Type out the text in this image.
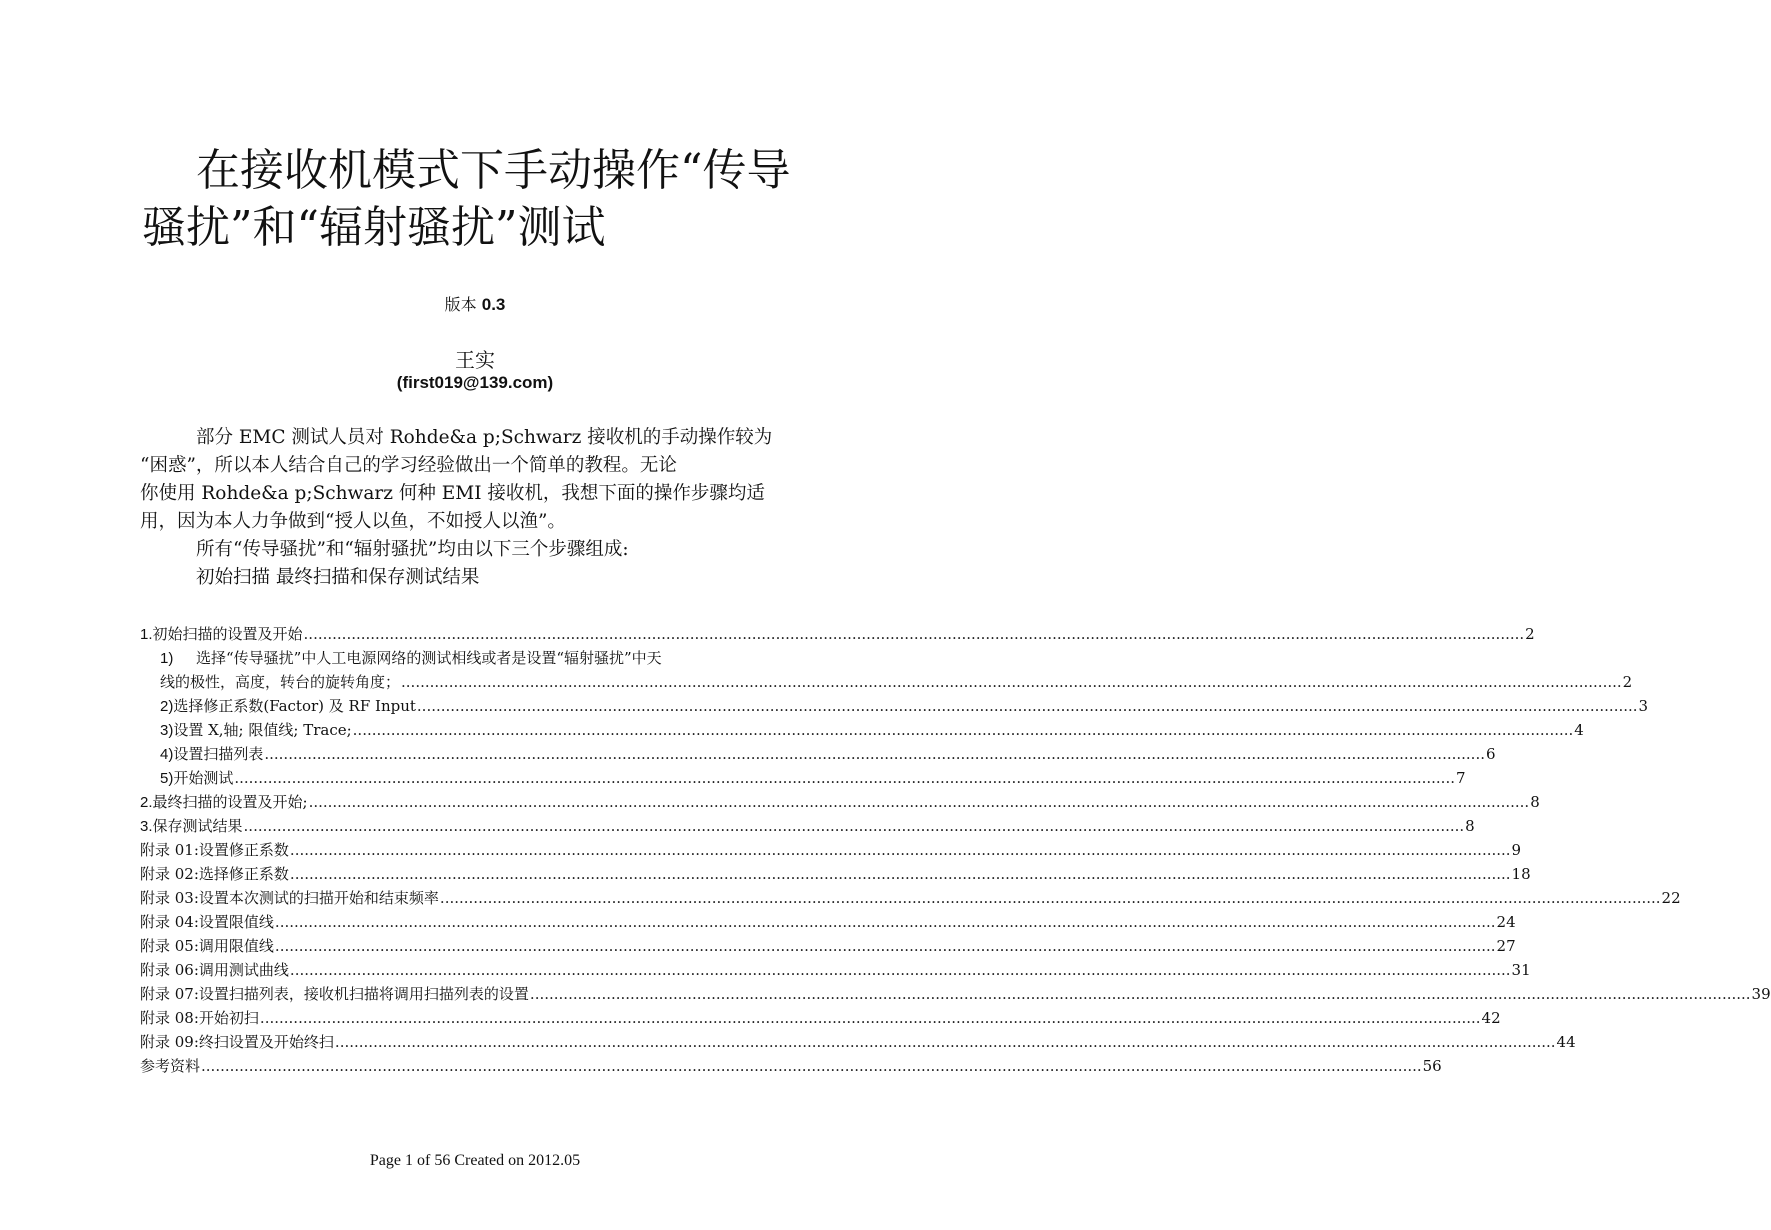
在接收机模式下手动操作“传导
骚扰”和“辐射骚扰”测试
版本 0.3
王实
(first019@139.com)

部分 EMC 测试人员对 Rohde&a p;Schwarz 接收机的手动操作较为

“困惑”，所以本人结合自己的学习经验做出一个简单的教程。无论

你使用 Rohde&a p;Schwarz 何种 EMI 接收机，我想下面的操作步骤均适

用，因为本人力争做到“授人以鱼，不如授人以渔”。

所有“传导骚扰”和“辐射骚扰”均由以下三个步骤组成:

初始扫描 最终扫描和保存测试结果

1. 初始扫描的设置及开始 .....	2
1) 选择“传导骚扰”中人工电源网络的测试相线或者是设置“辐射骚扰”中天
线的极性，高度，转台的旋转角度； .....	2
2) 选择修正系数(Factor) 及 RF Input .....	3
3) 设置 X,轴; 限值线; Trace; .....	4
4) 设置扫描列表 .....	6
5) 开始测试 .....	7
2. 最终扫描的设置及开始; .....	8
3. 保存测试结果 .....	8
附录 01:设置修正系数 .....	9
附录 02:选择修正系数 .....	18
附录 03:设置本次测试的扫描开始和结束频率 .....	22
附录 04:设置限值线 .....	24
附录 05:调用限值线 .....	27
附录 06:调用测试曲线 .....	31
附录 07:设置扫描列表，接收机扫描将调用扫描列表的设置 .....	39
附录 08:开始初扫 .....	42
附录 09:终扫设置及开始终扫 .....	44
参考资料 .....	56
Page 1 of 56 Created on 2012.05
